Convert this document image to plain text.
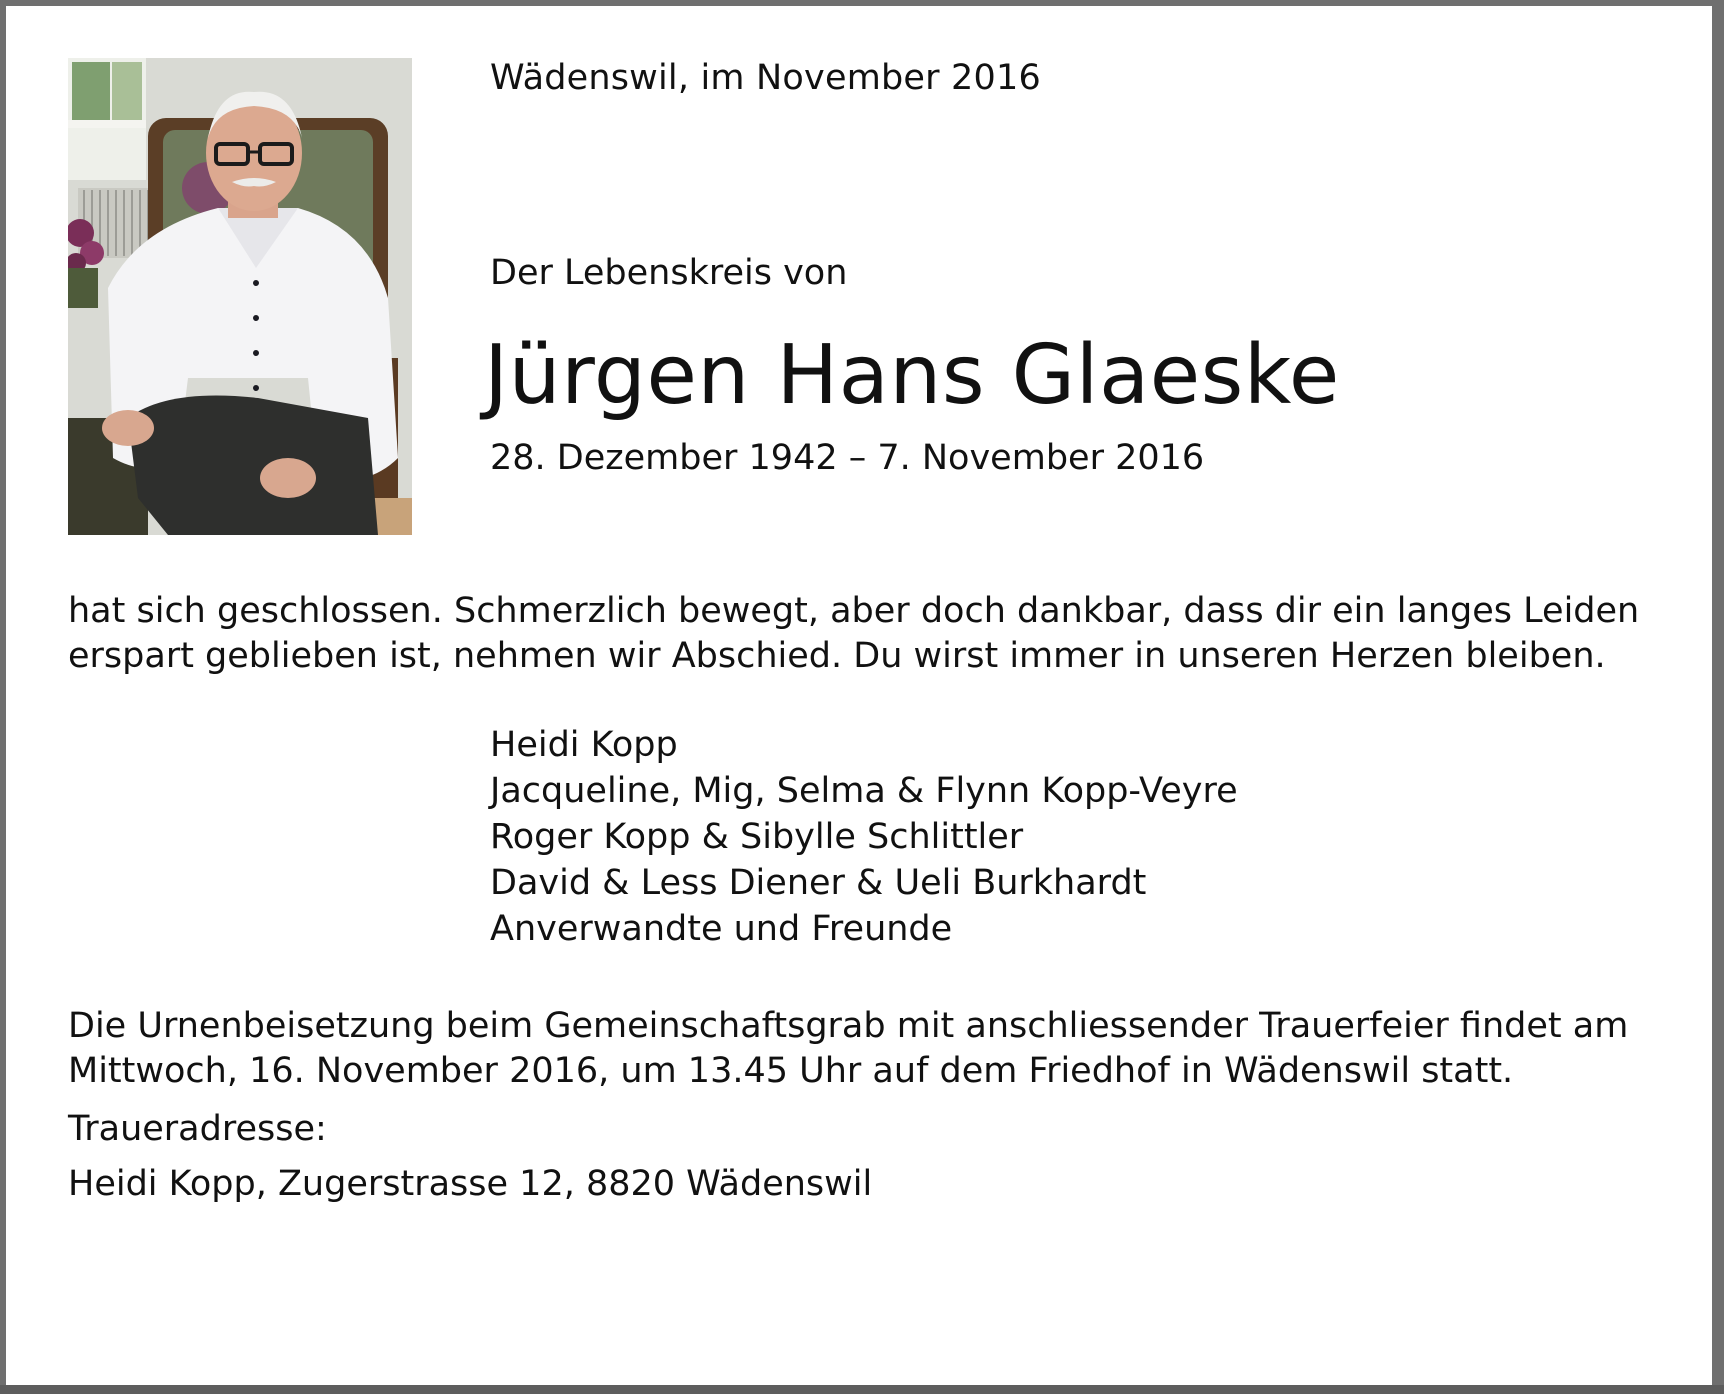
Wädenswil, im November 2016

Der Lebenskreis von

Jürgen Hans Glaeske

28. Dezember 1942 – 7. November 2016

hat sich geschlossen. Schmerzlich bewegt, aber doch dankbar, dass dir ein langes Leiden erspart geblieben ist, nehmen wir Abschied. Du wirst immer in unseren Herzen bleiben.

Heidi Kopp
Jacqueline, Mig, Selma & Flynn Kopp-Veyre
Roger Kopp & Sibylle Schlittler
David & Less Diener & Ueli Burkhardt
Anverwandte und Freunde

Die Urnenbeisetzung beim Gemeinschaftsgrab mit anschliessender Trauerfeier findet am Mittwoch, 16. November 2016, um 13.45 Uhr auf dem Friedhof in Wädenswil statt.

Traueradresse:

Heidi Kopp, Zugerstrasse 12, 8820 Wädenswil
